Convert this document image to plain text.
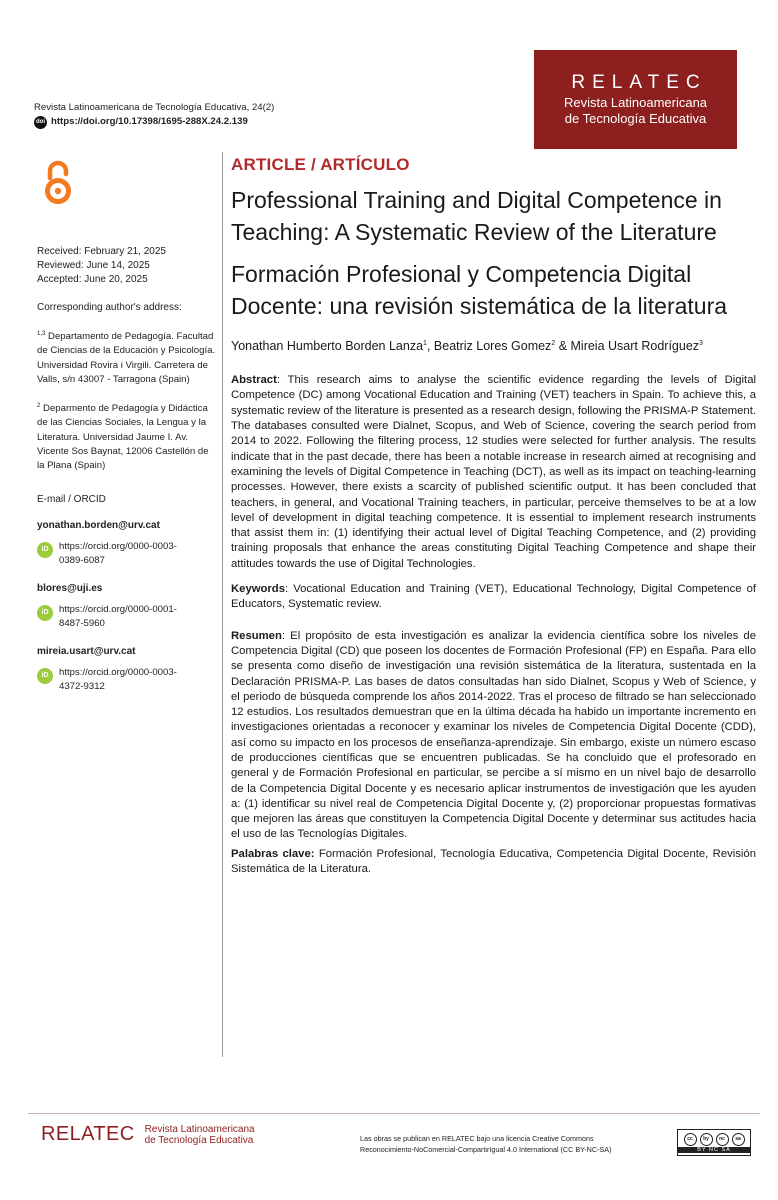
Revista Latinoamericana de Tecnología Educativa, 24(2)
doi https://doi.org/10.17398/1695-288X.24.2.139
RELATEC
Revista Latinoamericana
de Tecnología Educativa
Received: February 21, 2025
Reviewed: June 14, 2025
Accepted: June 20, 2025
Corresponding author's address:
$^{1,3}$ Departamento de Pedagogía. Facultad de Ciencias de la Educación y Psicología. Universidad Rovira i Virgili. Carretera de Valls, s/n 43007 - Tarragona (Spain)
$^2$ Deparmento de Pedagogía y Didáctica de las Ciencias Sociales, la Lengua y la Literatura. Universidad Jaume I. Av. Vicente Sos Baynat, 12006 Castellón de la Plana (Spain)
E-mail / ORCID
yonathan.borden@urv.cat
iD	https://orcid.org/0000-0003-
0389-6087
blores@uji.es
iD	https://orcid.org/0000-0001-
8487-5960
mireia.usart@urv.cat
iD	https://orcid.org/0000-0003-
4372-9312
ARTICLE / ARTÍCULO
Professional Training and Digital Competence in Teaching: A Systematic Review of the Literature
Formación Profesional y Competencia Digital Docente: una revisión sistemática de la literatura
Yonathan Humberto Borden Lanza$^1$, Beatriz Lores Gomez$^2$ & Mireia Usart Rodríguez$^3$

Abstract: This research aims to analyse the scientific evidence regarding the levels of Digital Competence (DC) among Vocational Education and Training (VET) teachers in Spain. To achieve this, a systematic review of the literature is presented as a research design, following the PRISMA-P Statement. The databases consulted were Dialnet, Scopus, and Web of Science, covering the search period from 2014 to 2022. Following the filtering process, 12 studies were selected for further analysis. The results indicate that in the past decade, there has been a notable increase in research aimed at recognising and examining the levels of Digital Competence in Teaching (DCT), as well as its impact on teaching-learning processes. However, there exists a scarcity of published scientific output. It has been concluded that teachers, in general, and Vocational Training teachers, in particular, perceive themselves to be at a low level of development in digital teaching competence. It is essential to implement research instruments that assist them in: (1) identifying their actual level of Digital Teaching Competence, and (2) providing training proposals that enhance the areas constituting Digital Teaching Competence and shape their attitudes towards the use of Digital Technologies.

Keywords: Vocational Education and Training (VET), Educational Technology, Digital Competence of Educators, Systematic review.

Resumen: El propósito de esta investigación es analizar la evidencia científica sobre los niveles de Competencia Digital (CD) que poseen los docentes de Formación Profesional (FP) en España. Para ello se presenta como diseño de investigación una revisión sistemática de la literatura, sustentada en la Declaración PRISMA-P. Las bases de datos consultadas han sido Dialnet, Scopus y Web of Science, y el periodo de búsqueda comprende los años 2014-2022. Tras el proceso de filtrado se han seleccionado 12 estudios. Los resultados demuestran que en la última década ha habido un importante incremento en investigaciones orientadas a reconocer y examinar los niveles de Competencia Digital Docente (CDD), así como su impacto en los procesos de enseñanza-aprendizaje. Sin embargo, existe un número escaso de producciones científicas que se encuentren publicadas. Se ha concluido que el profesorado en general y de Formación Profesional en particular, se percibe a sí mismo en un nivel bajo de desarrollo de la Competencia Digital Docente y es necesario aplicar instrumentos de investigación que les ayuden a: (1) identificar su nivel real de Competencia Digital Docente y, (2) proporcionar propuestas formativas que mejoren las áreas que constituyen la Competencia Digital Docente y determinar sus actitudes hacia el uso de las Tecnologías Digitales.

Palabras clave: Formación Profesional, Tecnología Educativa, Competencia Digital Docente, Revisión Sistemática de la Literatura.

RELATEC Revista Latinoamericana
de Tecnología Educativa	Las obras se publican en RELATEC bajo una licencia Creative Commons
Reconocimiento-NoComercial-CompartirIgual 4.0 International (CC BY-NC-SA)
cc	by	nc	sa
BY NC SA
